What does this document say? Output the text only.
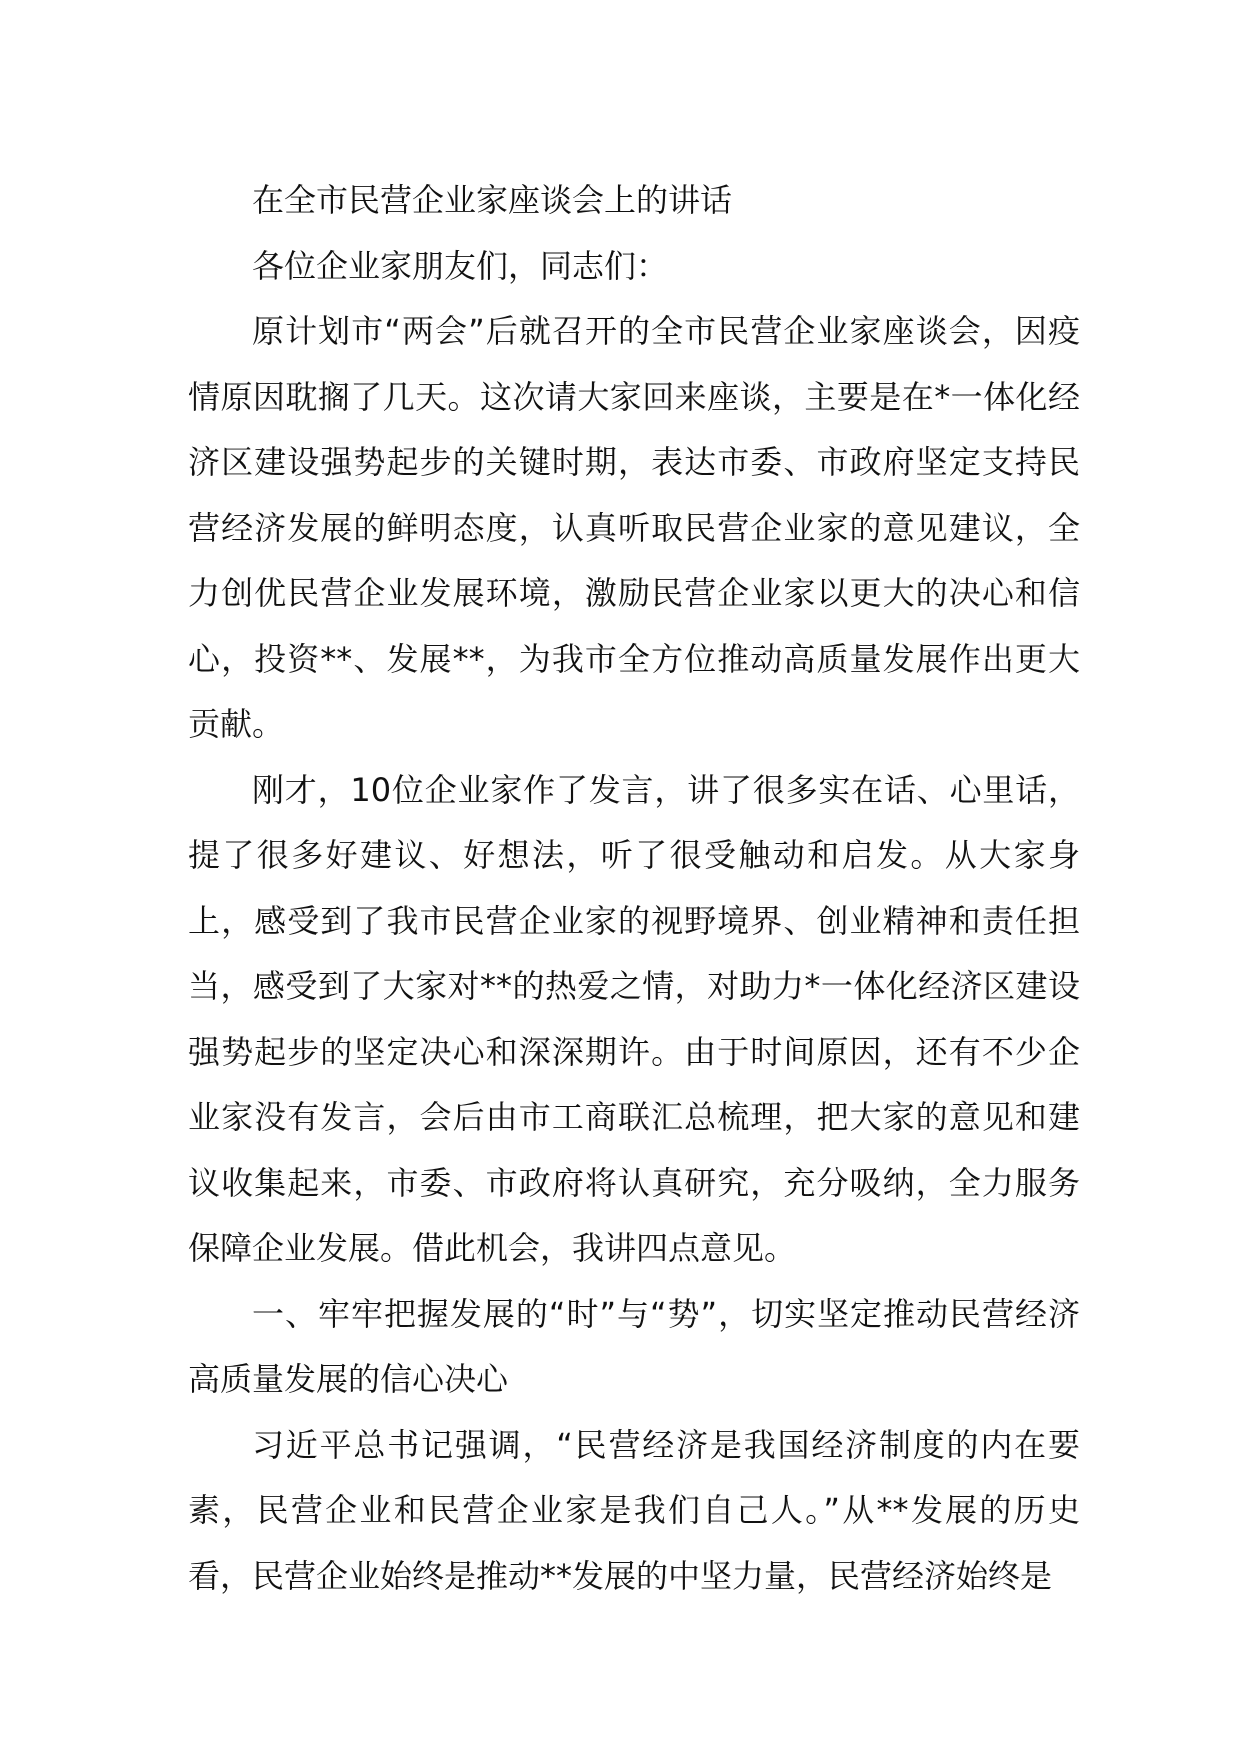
在全市民营企业家座谈会上的讲话

各位企业家朋友们，同志们：

原计划市“两会”后就召开的全市民营企业家座谈会，因疫情原因耽搁了几天。这次请大家回来座谈，主要是在*一体化经济区建设强势起步的关键时期，表达市委、市政府坚定支持民营经济发展的鲜明态度，认真听取民营企业家的意见建议，全力创优民营企业发展环境，激励民营企业家以更大的决心和信心，投资**、发展**，为我市全方位推动高质量发展作出更大贡献。

刚才，10位企业家作了发言，讲了很多实在话、心里话，提了很多好建议、好想法，听了很受触动和启发。从大家身上，感受到了我市民营企业家的视野境界、创业精神和责任担当，感受到了大家对**的热爱之情，对助力*一体化经济区建设强势起步的坚定决心和深深期许。由于时间原因，还有不少企业家没有发言，会后由市工商联汇总梳理，把大家的意见和建议收集起来，市委、市政府将认真研究，充分吸纳，全力服务保障企业发展。借此机会，我讲四点意见。

一、牢牢把握发展的“时”与“势”，切实坚定推动民营经济高质量发展的信心决心

习近平总书记强调，“民营经济是我国经济制度的内在要素，民营企业和民营企业家是我们自己人。”从**发展的历史看，民营企业始终是推动**发展的中坚力量，民营经济始终是
